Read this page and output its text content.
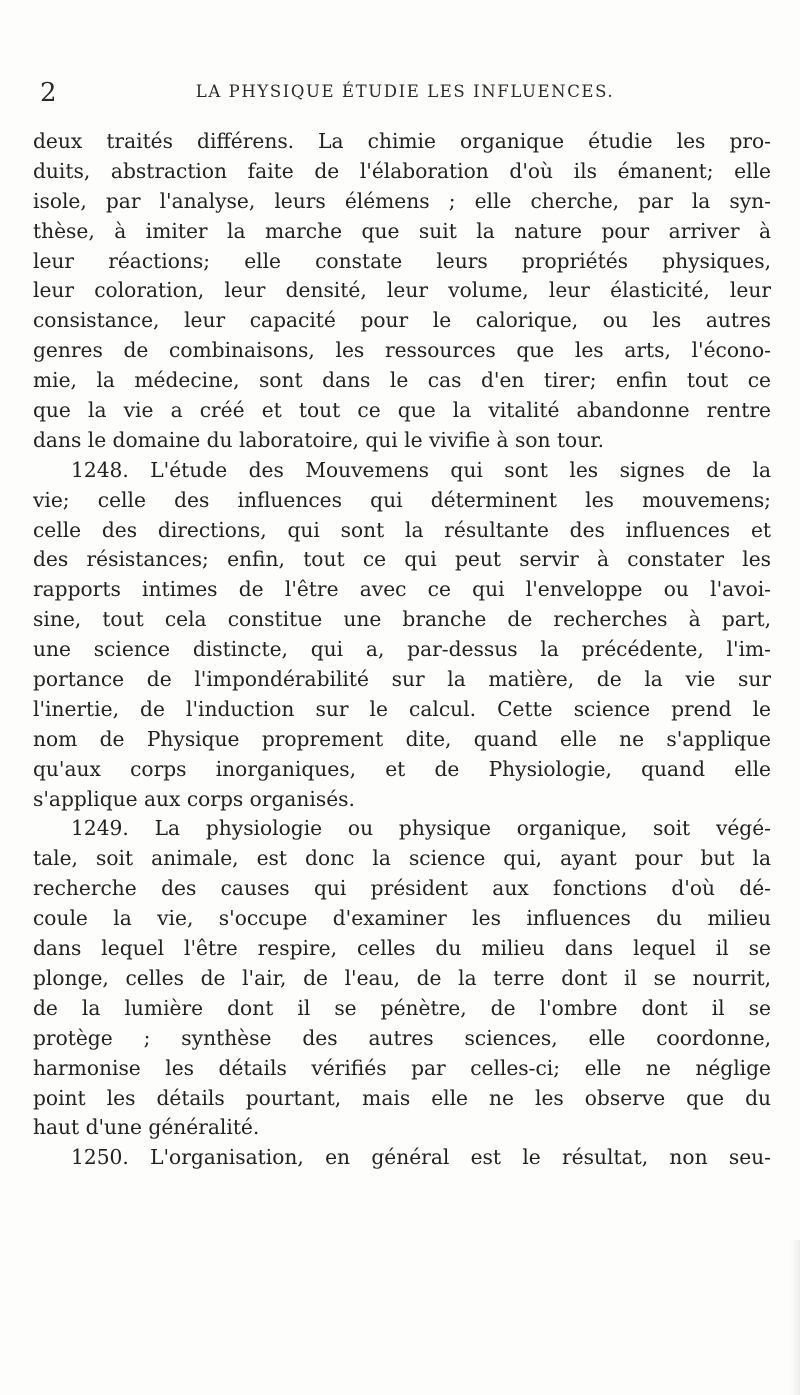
2	LA PHYSIQUE ÉTUDIE LES INFLUENCES.
deux traités différens. La chimie organique étudie les pro-
duits, abstraction faite de l'élaboration d'où ils émanent; elle
isole, par l'analyse, leurs élémens ; elle cherche, par la syn-
thèse, à imiter la marche que suit la nature pour arriver à
leur réactions; elle constate leurs propriétés physiques,
leur coloration, leur densité, leur volume, leur élasticité, leur
consistance, leur capacité pour le calorique, ou les autres
genres de combinaisons, les ressources que les arts, l'écono-
mie, la médecine, sont dans le cas d'en tirer; enfin tout ce
que la vie a créé et tout ce que la vitalité abandonne rentre
dans le domaine du laboratoire, qui le vivifie à son tour.
1248. L'étude des Mouvemens qui sont les signes de la
vie; celle des influences qui déterminent les mouvemens;
celle des directions, qui sont la résultante des influences et
des résistances; enfin, tout ce qui peut servir à constater les
rapports intimes de l'être avec ce qui l'enveloppe ou l'avoi-
sine, tout cela constitue une branche de recherches à part,
une science distincte, qui a, par-dessus la précédente, l'im-
portance de l'impondérabilité sur la matière, de la vie sur
l'inertie, de l'induction sur le calcul. Cette science prend le
nom de Physique proprement dite, quand elle ne s'applique
qu'aux corps inorganiques, et de Physiologie, quand elle
s'applique aux corps organisés.
1249. La physiologie ou physique organique, soit végé-
tale, soit animale, est donc la science qui, ayant pour but la
recherche des causes qui président aux fonctions d'où dé-
coule la vie, s'occupe d'examiner les influences du milieu
dans lequel l'être respire, celles du milieu dans lequel il se
plonge, celles de l'air, de l'eau, de la terre dont il se nourrit,
de la lumière dont il se pénètre, de l'ombre dont il se
protège ; synthèse des autres sciences, elle coordonne,
harmonise les détails vérifiés par celles-ci; elle ne néglige
point les détails pourtant, mais elle ne les observe que du
haut d'une généralité.
1250. L'organisation, en général est le résultat, non seu-
